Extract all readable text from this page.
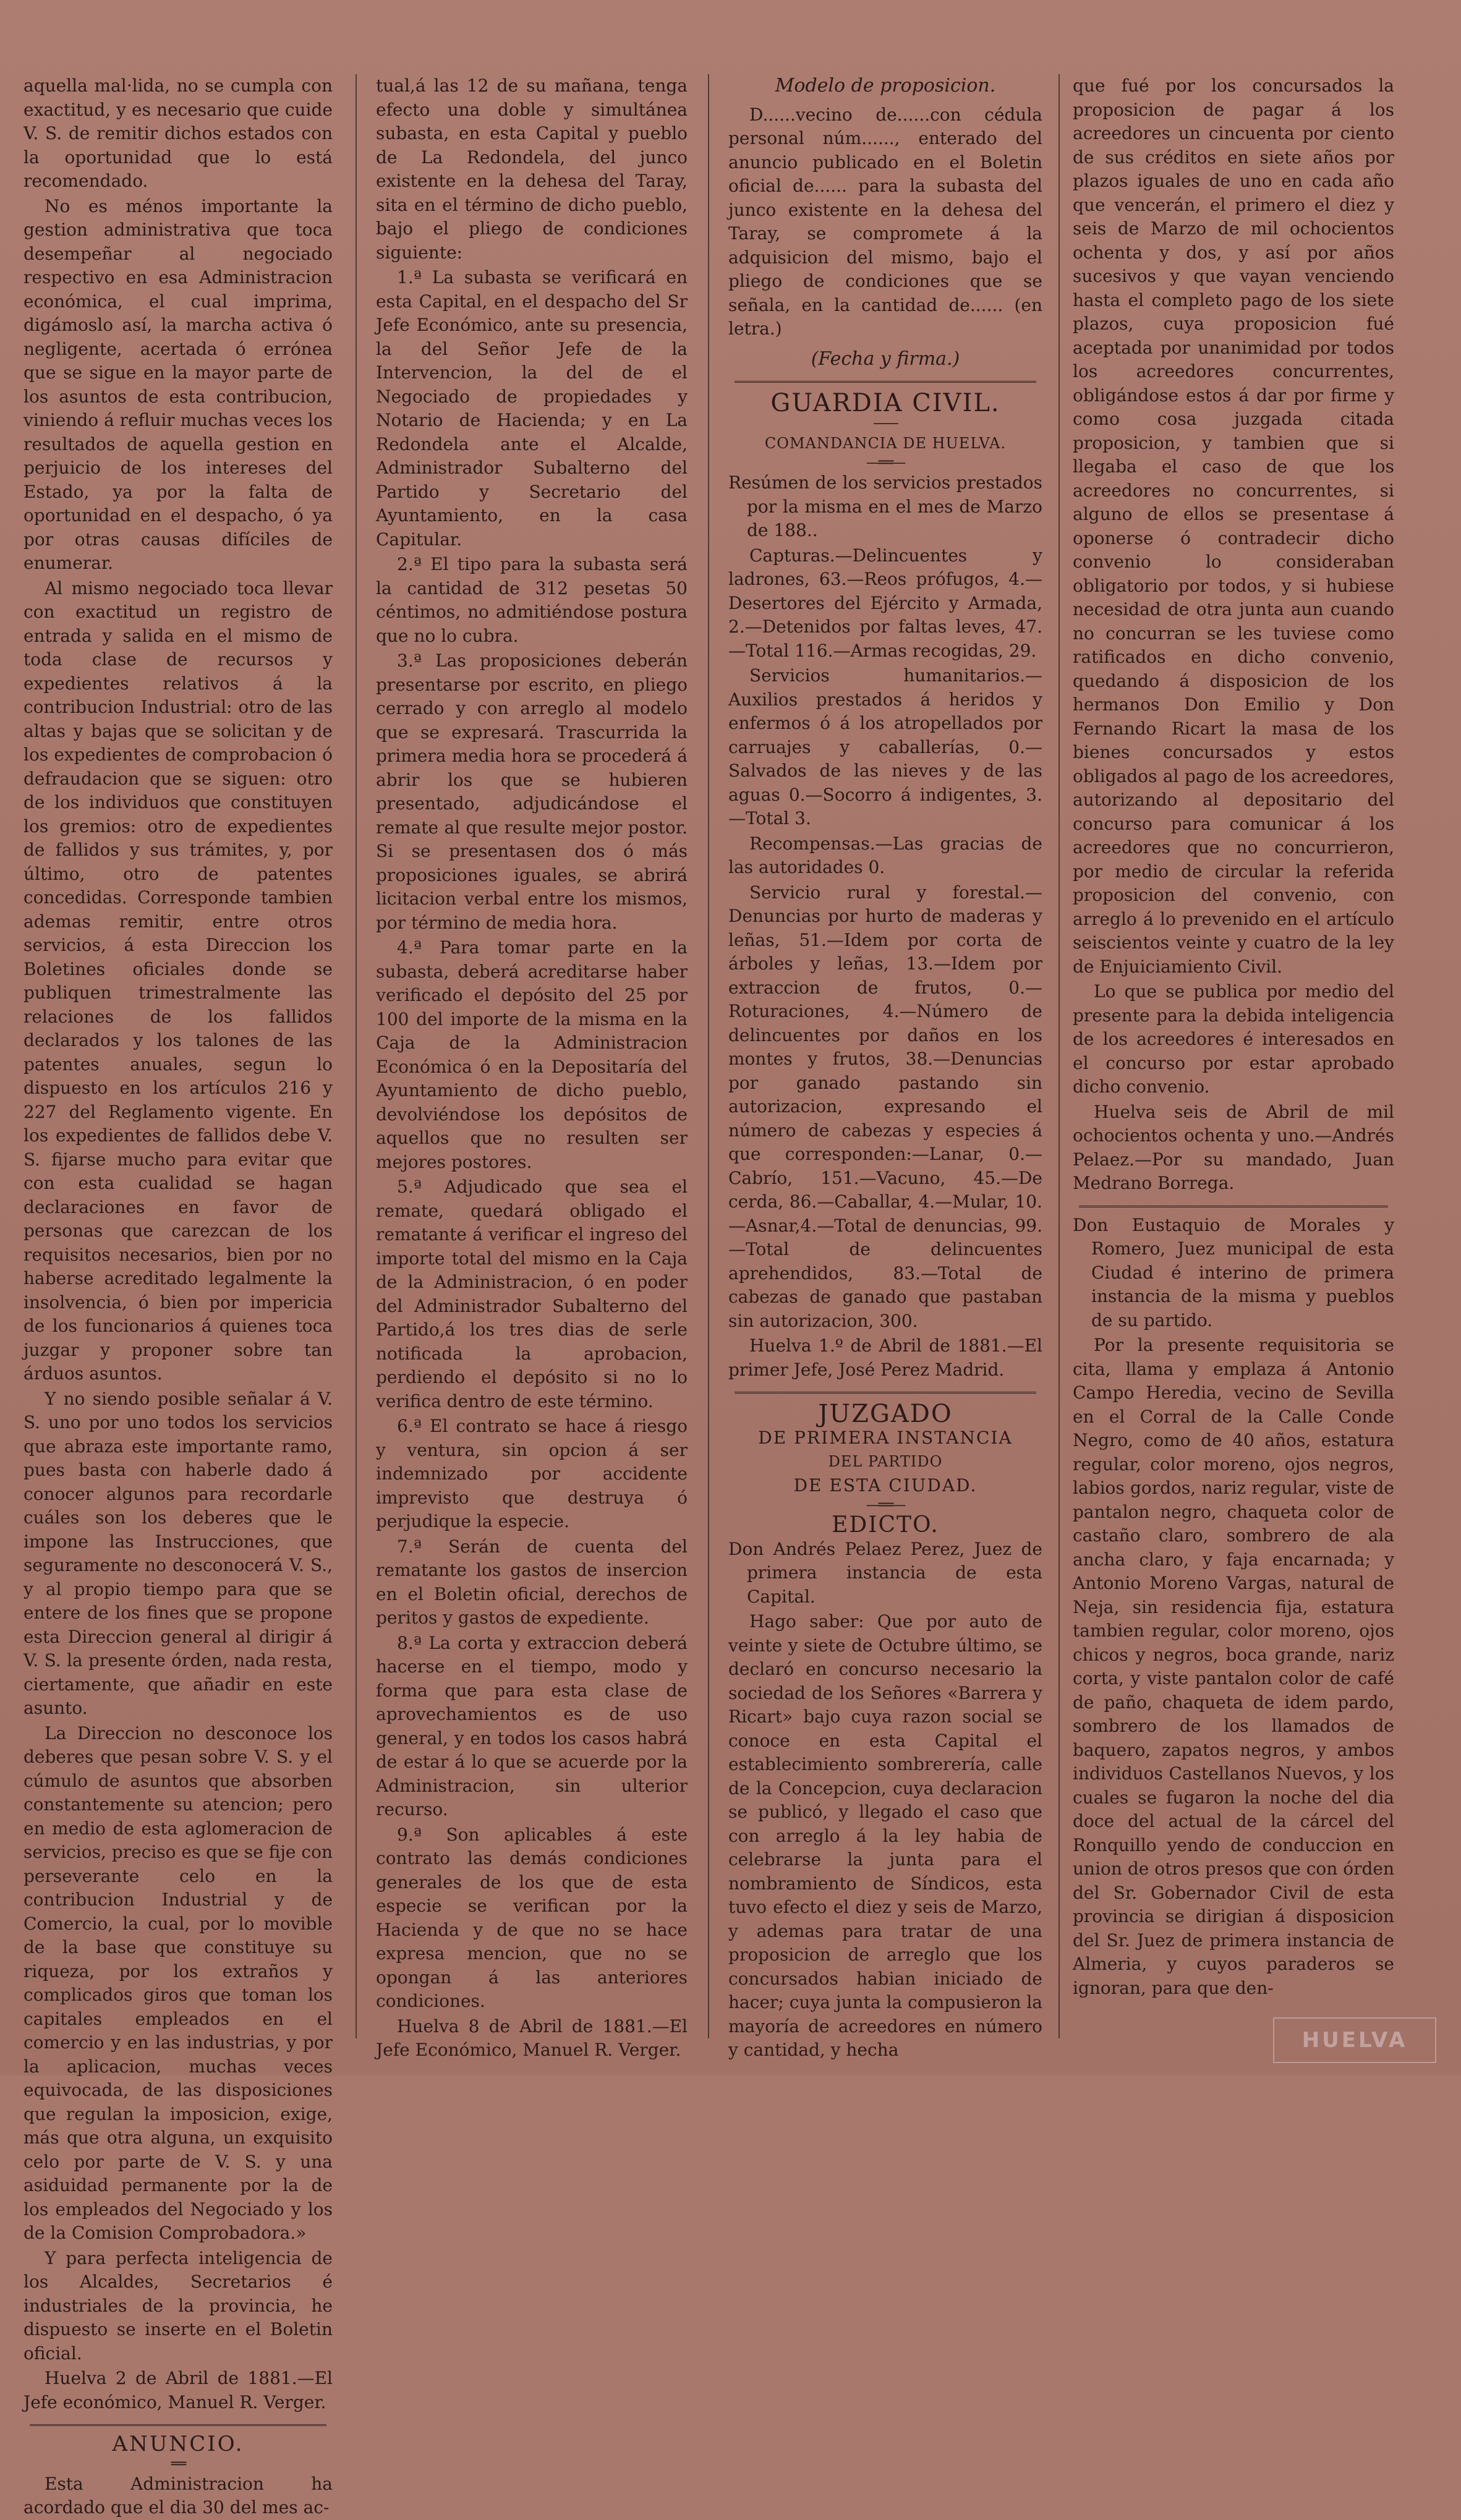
aquella mal·lida, no se cumpla con exactitud, y es necesario que cuide V. S. de remitir dichos estados con la oportunidad que lo está recomendado.

No es ménos importante la gestion administrativa que toca desempeñar al negociado respectivo en esa Administracion económica, el cual imprima, digámoslo así, la marcha activa ó negligente, acertada ó errónea que se sigue en la mayor parte de los asuntos de esta contribucion, viniendo á refluir muchas veces los resultados de aquella gestion en perjuicio de los intereses del Estado, ya por la falta de oportunidad en el despacho, ó ya por otras causas difíciles de enumerar.

Al mismo negociado toca llevar con exactitud un registro de entrada y salida en el mismo de toda clase de recursos y expedientes relativos á la contribucion Industrial: otro de las altas y bajas que se solicitan y de los expedientes de comprobacion ó defraudacion que se siguen: otro de los individuos que constituyen los gremios: otro de expedientes de fallidos y sus trámites, y, por último, otro de patentes concedidas. Corresponde tambien ademas remitir, entre otros servicios, á esta Direccion los Boletines oficiales donde se publiquen trimestralmente las relaciones de los fallidos declarados y los talones de las patentes anuales, segun lo dispuesto en los artículos 216 y 227 del Reglamento vigente. En los expedientes de fallidos debe V. S. fijarse mucho para evitar que con esta cualidad se hagan declaraciones en favor de personas que carezcan de los requisitos necesarios, bien por no haberse acreditado legalmente la insolvencia, ó bien por impericia de los funcionarios á quienes toca juzgar y proponer sobre tan árduos asuntos.

Y no siendo posible señalar á V. S. uno por uno todos los servicios que abraza este importante ramo, pues basta con haberle dado á conocer algunos para recordarle cuáles son los deberes que le impone las Instrucciones, que seguramente no desconocerá V. S., y al propio tiempo para que se entere de los fines que se propone esta Direccion general al dirigir á V. S. la presente órden, nada resta, ciertamente, que añadir en este asunto.

La Direccion no desconoce los deberes que pesan sobre V. S. y el cúmulo de asuntos que absorben constantemente su atencion; pero en medio de esta aglomeracion de servicios, preciso es que se fije con perseverante celo en la contribucion Industrial y de Comercio, la cual, por lo movible de la base que constituye su riqueza, por los extraños y complicados giros que toman los capitales empleados en el comercio y en las industrias, y por la aplicacion, muchas veces equivocada, de las disposiciones que regulan la imposicion, exige, más que otra alguna, un exquisito celo por parte de V. S. y una asiduidad permanente por la de los empleados del Negociado y los de la Comision Comprobadora.»

Y para perfecta inteligencia de los Alcaldes, Secretarios é industriales de la provincia, he dispuesto se inserte en el Boletin oficial.

Huelva 2 de Abril de 1881.—El Jefe económico, Manuel R. Verger.

ANUNCIO.
══

Esta Administracion ha acordado que el dia 30 del mes ac-

tual,á las 12 de su mañana, tenga efecto una doble y simultánea subasta, en esta Capital y pueblo de La Redondela, del junco existente en la dehesa del Taray, sita en el término de dicho pueblo, bajo el pliego de condiciones siguiente:

1.ª La subasta se verificará en esta Capital, en el despacho del Sr Jefe Económico, ante su presencia, la del Señor Jefe de la Intervencion, la del de el Negociado de propiedades y Notario de Hacienda; y en La Redondela ante el Alcalde, Administrador Subalterno del Partido y Secretario del Ayuntamiento, en la casa Capitular.

2.ª El tipo para la subasta será la cantidad de 312 pesetas 50 céntimos, no admitiéndose postura que no lo cubra.

3.ª Las proposiciones deberán presentarse por escrito, en pliego cerrado y con arreglo al modelo que se expresará. Trascurrida la primera media hora se procederá á abrir los que se hubieren presentado, adjudicándose el remate al que resulte mejor postor. Si se presentasen dos ó más proposiciones iguales, se abrirá licitacion verbal entre los mismos, por término de media hora.

4.ª Para tomar parte en la subasta, deberá acreditarse haber verificado el depósito del 25 por 100 del importe de la misma en la Caja de la Administracion Económica ó en la Depositaría del Ayuntamiento de dicho pueblo, devolviéndose los depósitos de aquellos que no resulten ser mejores postores.

5.ª Adjudicado que sea el remate, quedará obligado el rematante á verificar el ingreso del importe total del mismo en la Caja de la Administracion, ó en poder del Administrador Subalterno del Partido,á los tres dias de serle notificada la aprobacion, perdiendo el depósito si no lo verifica dentro de este término.

6.ª El contrato se hace á riesgo y ventura, sin opcion á ser indemnizado por accidente imprevisto que destruya ó perjudique la especie.

7.ª Serán de cuenta del rematante los gastos de insercion en el Boletin oficial, derechos de peritos y gastos de expediente.

8.ª La corta y extraccion deberá hacerse en el tiempo, modo y forma que para esta clase de aprovechamientos es de uso general, y en todos los casos habrá de estar á lo que se acuerde por la Administracion, sin ulterior recurso.

9.ª Son aplicables á este contrato las demás condiciones generales de los que de esta especie se verifican por la Hacienda y de que no se hace expresa mencion, que no se opongan á las anteriores condiciones.

Huelva 8 de Abril de 1881.—El Jefe Económico, Manuel R. Verger.

Modelo de proposicion.

D......vecino de......con cédula personal núm......, enterado del anuncio publicado en el Boletin oficial de...... para la subasta del junco existente en la dehesa del Taray, se compromete á la adquisicion del mismo, bajo el pliego de condiciones que se señala, en la cantidad de...... (en letra.)

(Fecha y firma.)
GUARDIA CIVIL.
——
COMANDANCIA DE HUELVA.
—══—

Resúmen de los servicios prestados por la misma en el mes de Marzo de 188..

Capturas.—Delincuentes y ladrones, 63.—Reos prófugos, 4.—Desertores del Ejército y Armada, 2.—Detenidos por faltas leves, 47.—Total 116.—Armas recogidas, 29.

Servicios humanitarios.—Auxilios prestados á heridos y enfermos ó á los atropellados por carruajes y caballerías, 0.—Salvados de las nieves y de las aguas 0.—Socorro á indigentes, 3.—Total 3.

Recompensas.—Las gracias de las autoridades 0.

Servicio rural y forestal.—Denuncias por hurto de maderas y leñas, 51.—Idem por corta de árboles y leñas, 13.—Idem por extraccion de frutos, 0.—Roturaciones, 4.—Número de delincuentes por daños en los montes y frutos, 38.—Denuncias por ganado pastando sin autorizacion, expresando el número de cabezas y especies á que corresponden:—Lanar, 0.—Cabrío, 151.—Vacuno, 45.—De cerda, 86.—Caballar, 4.—Mular, 10.—Asnar,4.—Total de denuncias, 99.—Total de delincuentes aprehendidos, 83.—Total de cabezas de ganado que pastaban sin autorizacion, 300.

Huelva 1.º de Abril de 1881.—El primer Jefe, José Perez Madrid.

JUZGADO
DE PRIMERA INSTANCIA
DEL PARTIDO
DE ESTA CIUDAD.
—══—
EDICTO.

Don Andrés Pelaez Perez, Juez de primera instancia de esta Capital.

Hago saber: Que por auto de veinte y siete de Octubre último, se declaró en concurso necesario la sociedad de los Señores «Barrera y Ricart» bajo cuya razon social se conoce en esta Capital el establecimiento sombrerería, calle de la Concepcion, cuya declaracion se publicó, y llegado el caso que con arreglo á la ley habia de celebrarse la junta para el nombramiento de Síndicos, esta tuvo efecto el diez y seis de Marzo, y ademas para tratar de una proposicion de arreglo que los concursados habian iniciado de hacer; cuya junta la compusieron la mayoría de acreedores en número y cantidad, y hecha

que fué por los concursados la proposicion de pagar á los acreedores un cincuenta por ciento de sus créditos en siete años por plazos iguales de uno en cada año que vencerán, el primero el diez y seis de Marzo de mil ochocientos ochenta y dos, y así por años sucesivos y que vayan venciendo hasta el completo pago de los siete plazos, cuya proposicion fué aceptada por unanimidad por todos los acreedores concurrentes, obligándose estos á dar por firme y como cosa juzgada citada proposicion, y tambien que si llegaba el caso de que los acreedores no concurrentes, si alguno de ellos se presentase á oponerse ó contradecir dicho convenio lo consideraban obligatorio por todos, y si hubiese necesidad de otra junta aun cuando no concurran se les tuviese como ratificados en dicho convenio, quedando á disposicion de los hermanos Don Emilio y Don Fernando Ricart la masa de los bienes concursados y estos obligados al pago de los acreedores, autorizando al depositario del concurso para comunicar á los acreedores que no concurrieron, por medio de circular la referida proposicion del convenio, con arreglo á lo prevenido en el artículo seiscientos veinte y cuatro de la ley de Enjuiciamiento Civil.

Lo que se publica por medio del presente para la debida inteligencia de los acreedores é interesados en el concurso por estar aprobado dicho convenio.

Huelva seis de Abril de mil ochocientos ochenta y uno.—Andrés Pelaez.—Por su mandado, Juan Medrano Borrega.

Don Eustaquio de Morales y Romero, Juez municipal de esta Ciudad é interino de primera instancia de la misma y pueblos de su partido.

Por la presente requisitoria se cita, llama y emplaza á Antonio Campo Heredia, vecino de Sevilla en el Corral de la Calle Conde Negro, como de 40 años, estatura regular, color moreno, ojos negros, labios gordos, nariz regular, viste de pantalon negro, chaqueta color de castaño claro, sombrero de ala ancha claro, y faja encarnada; y Antonio Moreno Vargas, natural de Neja, sin residencia fija, estatura tambien regular, color moreno, ojos chicos y negros, boca grande, nariz corta, y viste pantalon color de café de paño, chaqueta de idem pardo, sombrero de los llamados de baquero, zapatos negros, y ambos individuos Castellanos Nuevos, y los cuales se fugaron la noche del dia doce del actual de la cárcel del Ronquillo yendo de conduccion en union de otros presos que con órden del Sr. Gobernador Civil de esta provincia se dirigian á disposicion del Sr. Juez de primera instancia de Almeria, y cuyos paraderos se ignoran, para que den-

HUELVA
